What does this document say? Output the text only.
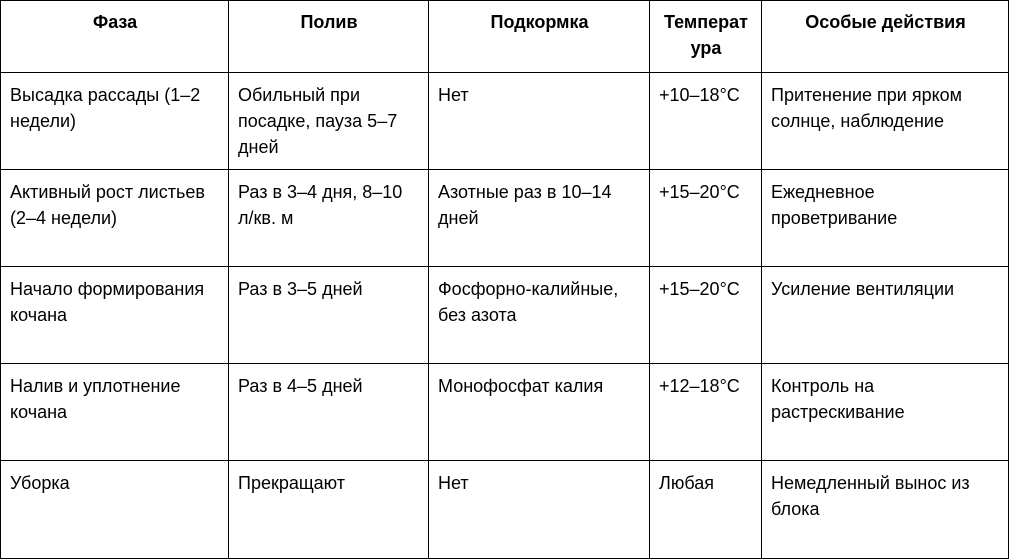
Фаза	Полив	Подкормка	Температура	Особые действия
Высадка рассады (1–2 недели)	Обильный при посадке, пауза 5–7 дней	Нет	+10–18°C	Притенение при ярком солнце, наблюдение
Активный рост листьев (2–4 недели)	Раз в 3–4 дня, 8–10 л/кв. м	Азотные раз в 10–14 дней	+15–20°C	Ежедневное проветривание
Начало формирования кочана	Раз в 3–5 дней	Фосфорно-калийные, без азота	+15–20°C	Усиление вентиляции
Налив и уплотнение кочана	Раз в 4–5 дней	Монофосфат калия	+12–18°C	Контроль на растрескивание
Уборка	Прекращают	Нет	Любая	Немедленный вынос из блока
